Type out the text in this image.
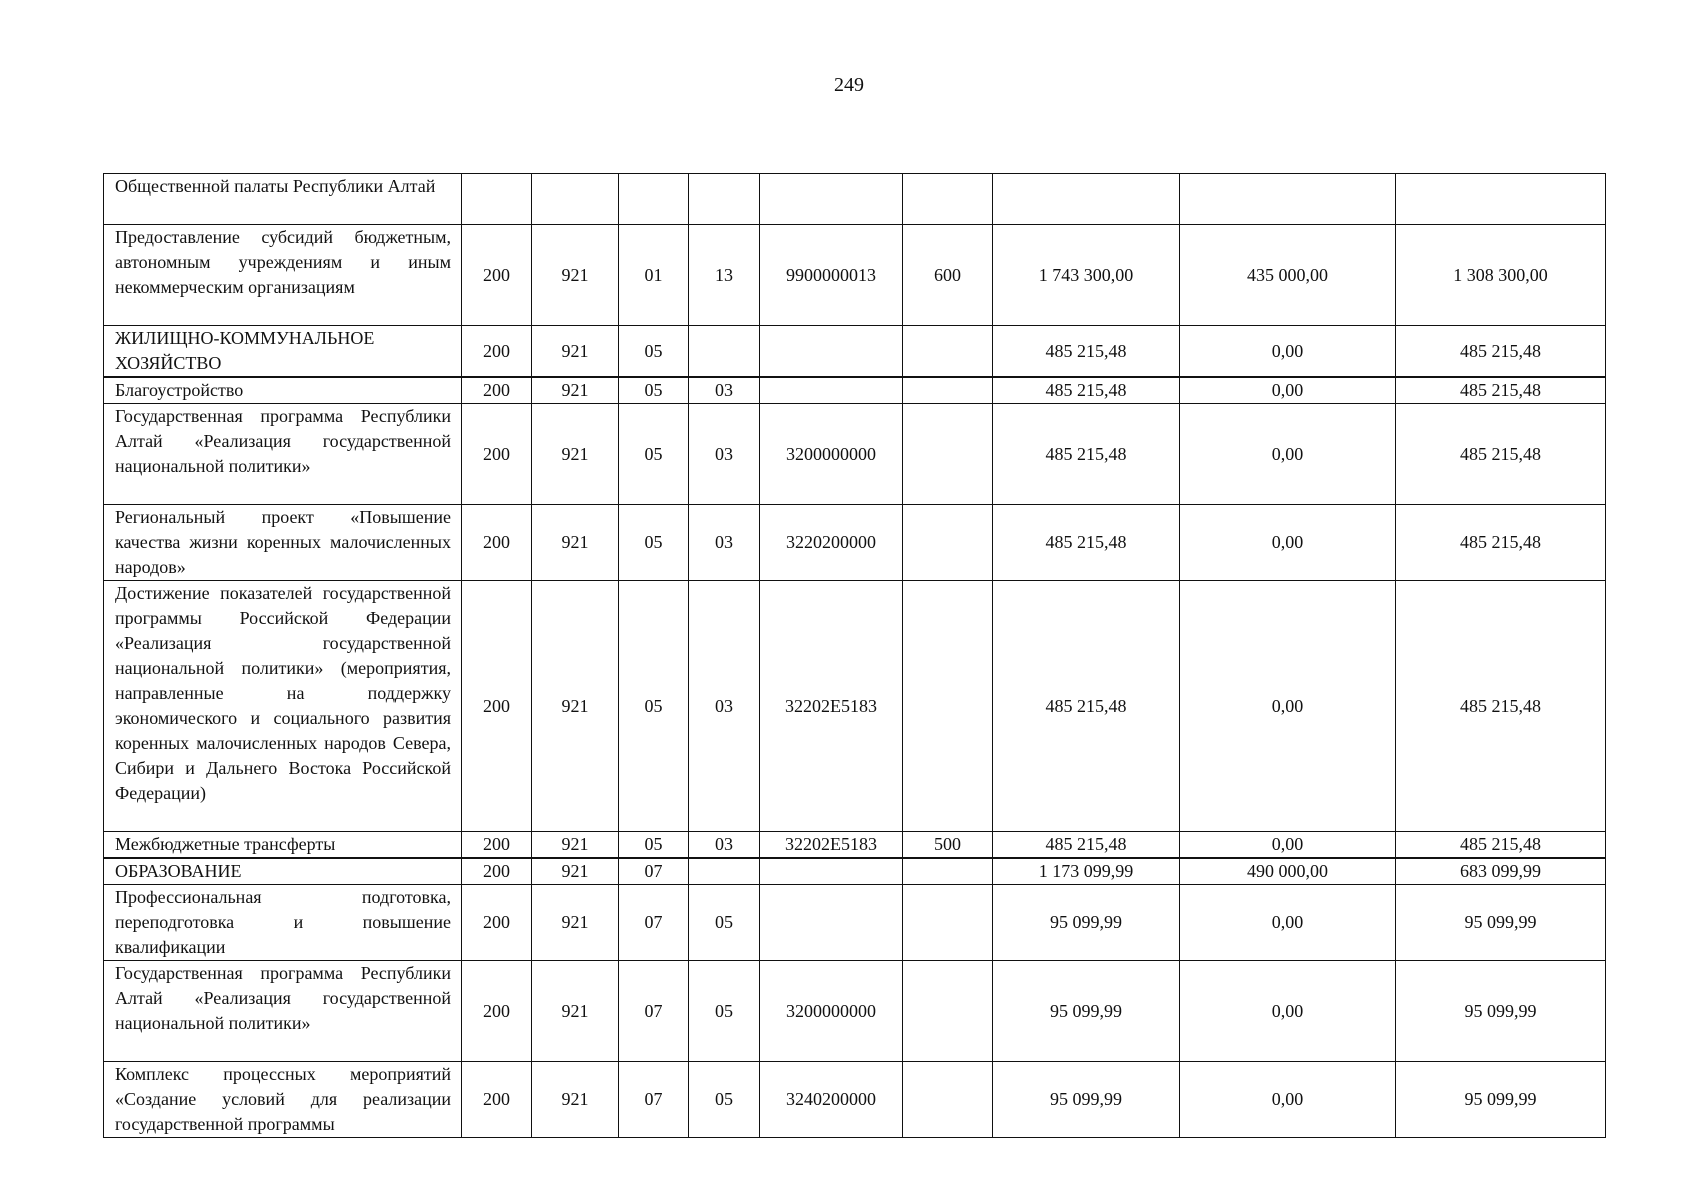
249
Общественной палаты Республики Алтай									
Предоставление субсидий бюджетным, автономным учреждениям и иным некоммерческим организациям	200	921	01	13	9900000013	600	1 743 300,00	435 000,00	1 308 300,00
ЖИЛИЩНО-КОММУНАЛЬНОЕ ХОЗЯЙСТВО	200	921	05				485 215,48	0,00	485 215,48
Благоустройство	200	921	05	03			485 215,48	0,00	485 215,48
Государственная программа Республики Алтай «Реализация государственной национальной политики»	200	921	05	03	3200000000		485 215,48	0,00	485 215,48
Региональный проект «Повышение качества жизни коренных малочисленных народов»	200	921	05	03	3220200000		485 215,48	0,00	485 215,48
Достижение показателей государственной программы Российской Федерации «Реализация государственной национальной политики» (мероприятия, направленные на поддержку экономического и социального развития коренных малочисленных народов Севера, Сибири и Дальнего Востока Российской Федерации)	200	921	05	03	32202E5183		485 215,48	0,00	485 215,48
Межбюджетные трансферты	200	921	05	03	32202E5183	500	485 215,48	0,00	485 215,48
ОБРАЗОВАНИЕ	200	921	07				1 173 099,99	490 000,00	683 099,99
Профессиональная подготовка, переподготовка и повышение квалификации	200	921	07	05			95 099,99	0,00	95 099,99
Государственная программа Республики Алтай «Реализация государственной национальной политики»	200	921	07	05	3200000000		95 099,99	0,00	95 099,99
Комплекс процессных мероприятий «Создание условий для реализации государственной программы	200	921	07	05	3240200000		95 099,99	0,00	95 099,99
